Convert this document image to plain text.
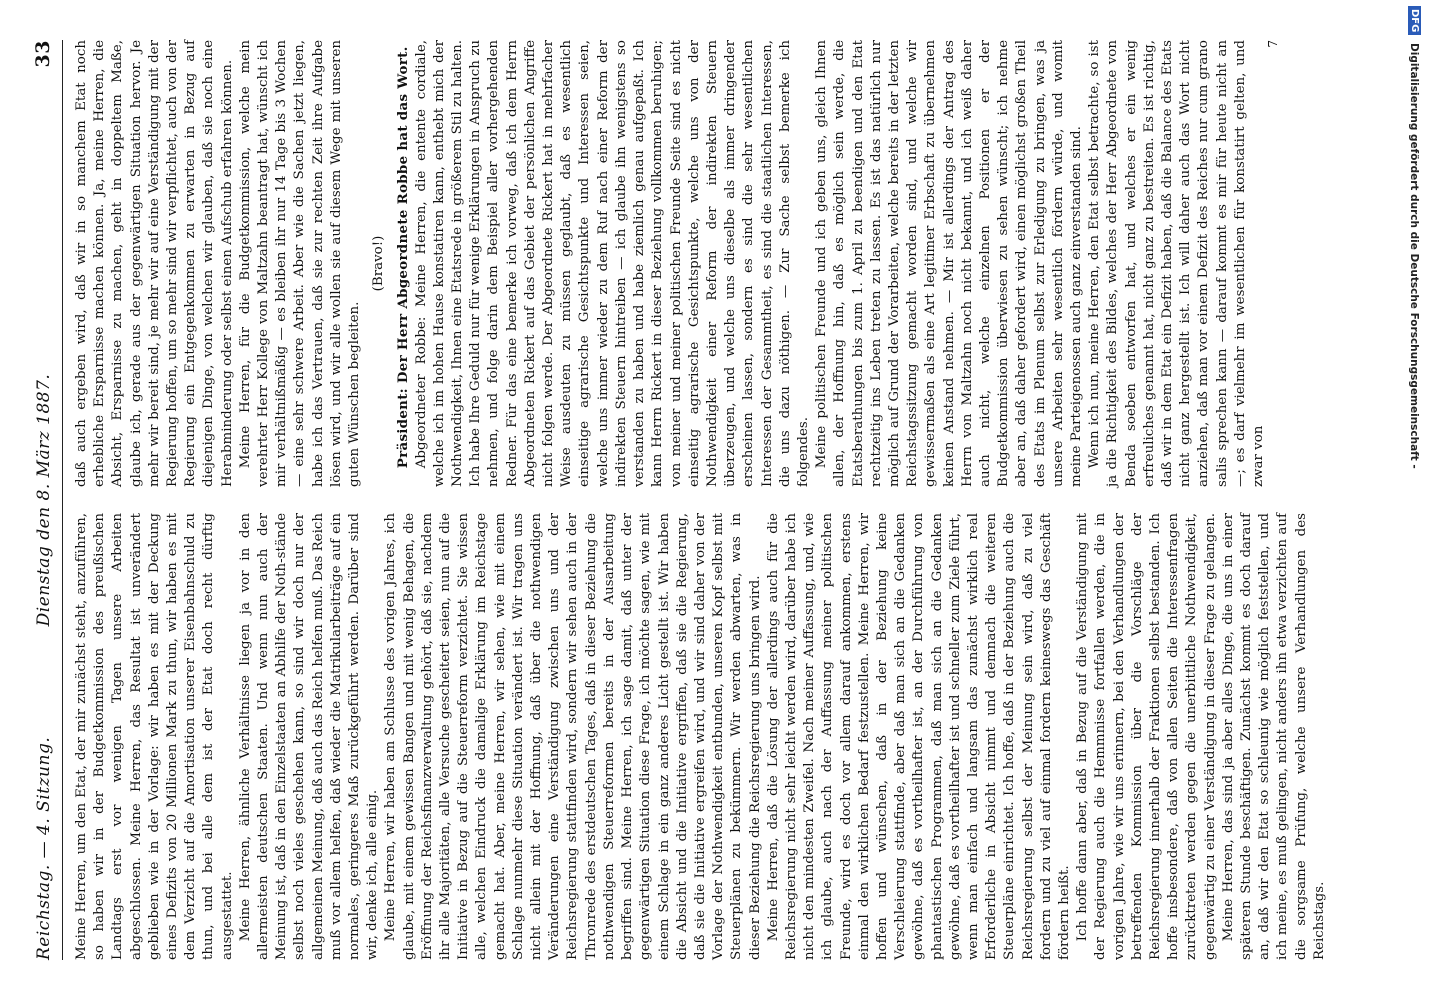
Reichstag. — 4. Sitzung.
Dienstag den 8. März 1887.
33

Meine Herren, um den Etat, der mir zunächst steht, anzuführen, so haben wir in der Budgetkommission des preußischen Landtags erst vor wenigen Tagen unsere Arbeiten abgeschlossen. Meine Herren, das Resultat ist unverändert geblieben wie in der Vorlage: wir haben es mit der Deckung eines Defizits von 20 Millionen Mark zu thun, wir haben es mit dem Verzicht auf die Amortisation unserer Eisenbahnschuld zu thun, und bei alle dem ist der Etat doch recht dürftig ausgestattet. Meine Herren, ähnliche Verhältnisse liegen ja vor in den allermeisten deutschen Staaten. Und wenn nun auch der Meinung ist, daß in den Einzelstaaten an Abhilfe der Noth-stände selbst noch vieles geschehen kann, so sind wir doch nur der allgemeinen Meinung, daß auch das Reich helfen muß. Das Reich muß vor allem helfen, daß wieder die Matrikularbeiträge auf ein normales, geringeres Maß zurückgeführt werden. Darüber sind wir, denke ich, alle einig. Meine Herren, wir haben am Schlusse des vorigen Jahres, ich glaube, mit einem gewissen Bangen und mit wenig Behagen, die Eröffnung der Reichsfinanzverwaltung gehört, daß sie, nachdem ihr alle Majoritäten, alle Versuche gescheitert seien, nun auf die Initiative in Bezug auf die Steuerreform verzichtet. Sie wissen alle, welchen Eindruck die damalige Erklärung im Reichstage gemacht hat. Aber, meine Herren, wir sehen, wie mit einem Schlage nunmehr diese Situation verändert ist. Wir tragen uns nicht allein mit der Hoffnung, daß über die nothwendigen Veränderungen eine Verständigung zwischen uns und der Reichsregierung stattfinden wird, sondern wir sehen auch in der Thronrede des erstdeutschen Tages, daß in dieser Beziehung die nothwendigen Steuerreformen bereits in der Ausarbeitung begriffen sind. Meine Herren, ich sage damit, daß unter der gegenwärtigen Situation diese Frage, ich möchte sagen, wie mit einem Schlage in ein ganz anderes Licht gestellt ist. Wir haben die Absicht und die Initiative ergriffen, daß sie die Regierung, daß sie die Initiative ergreifen wird, und wir sind daher von der Vorlage der Nothwendigkeit entbunden, unseren Kopf selbst mit Steuerplänen zu bekümmern. Wir werden abwarten, was in dieser Beziehung die Reichsregierung uns bringen wird. Meine Herren, daß die Lösung der allerdings auch für die Reichsregierung nicht sehr leicht werden wird, darüber habe ich nicht den mindesten Zweifel. Nach meiner Auffassung, und, wie ich glaube, auch nach der Auffassung meiner politischen Freunde, wird es doch vor allem darauf ankommen, erstens einmal den wirklichen Bedarf festzustellen. Meine Herren, wir hoffen und wünschen, daß in der Beziehung keine Verschleierung stattfinde, aber daß man sich an die Gedanken gewöhne, daß es vortheilhafter ist, an der Durchführung von phantastischen Programmen, daß man sich an die Gedanken gewöhne, daß es vortheilhafter ist und schneller zum Ziele führt, wenn man einfach und langsam das zunächst wirklich real Erforderliche in Absicht nimmt und demnach die weiteren Steuerpläne einrichtet. Ich hoffe, daß in der Beziehung auch die Reichsregierung selbst der Meinung sein wird, daß zu viel fordern und zu viel auf einmal fordern keineswegs das Geschäft fördern heißt. Ich hoffe dann aber, daß in Bezug auf die Verständigung mit der Regierung auch die Hemmnisse fortfallen werden, die in vorigen Jahre, wie wir uns erinnern, bei den Verhandlungen der betreffenden Kommission über die Vorschläge der Reichsregierung innerhalb der Fraktionen selbst bestanden. Ich hoffe insbesondere, daß von allen Seiten die Interessenfragen zurücktreten werden gegen die unerbittliche Nothwendigkeit, gegenwärtig zu einer Verständigung in dieser Frage zu gelangen. Meine Herren, das sind ja aber alles Dinge, die uns in einer späteren Stunde beschäftigen. Zunächst kommt es doch darauf an, daß wir den Etat so schleunig wie möglich feststellen, und ich meine, es muß gelingen, nicht anders ihn etwa verzichten auf die sorgsame Prüfung, welche unsere Verhandlungen des Reichstags.

daß auch ergeben wird, daß wir in so manchem Etat noch erhebliche Ersparnisse machen können. Ja, meine Herren, die Absicht, Ersparnisse zu machen, geht in doppeltem Maße, glaube ich, gerade aus der gegenwärtigen Situation hervor. Je mehr wir bereit sind, je mehr wir auf eine Verständigung mit der Regierung hoffen, um so mehr sind wir verpflichtet, auch von der Regierung ein Entgegenkommen zu erwarten in Bezug auf diejenigen Dinge, von welchen wir glauben, daß sie noch eine Herabminderung oder selbst einen Aufschub erfahren können. Meine Herren, für die Budgetkommission, welche mein verehrter Herr Kollege von Maltzahn beantragt hat, wünscht ich mir verhältnißmäßig — es bleiben ihr nur 14 Tage bis 3 Wochen — eine sehr schwere Arbeit. Aber wie die Sachen jetzt liegen, habe ich das Vertrauen, daß sie zur rechten Zeit ihre Aufgabe lösen wird, und wir alle wollen sie auf diesem Wege mit unseren guten Wünschen begleiten.

(Bravo!) Präsident: Der Herr Abgeordnete Robbe hat das Wort. Abgeordneter Robbe: Meine Herren, die entente cordiale, welche ich im hohen Hause konstatiren kann, enthebt mich der Nothwendigkeit, Ihnen eine Etatsrede in größerem Stil zu halten. Ich habe Ihre Geduld nur für wenige Erklärungen in Anspruch zu nehmen, und folge darin dem Beispiel aller vorhergehenden Redner. Für das eine bemerke ich vorweg, daß ich dem Herrn Abgeordneten Rickert auf das Gebiet der persönlichen Angriffe nicht folgen werde. Der Abgeordnete Rickert hat in mehrfacher Weise ausdeuten zu müssen geglaubt, daß es wesentlich einseitige agrarische Gesichtspunkte und Interessen seien, welche uns immer wieder zu dem Ruf nach einer Reform der indirekten Steuern hintreiben — ich glaube ihn wenigstens so verstanden zu haben und habe ziemlich genau aufgepaßt. Ich kann Herrn Rickert in dieser Beziehung vollkommen beruhigen; von meiner und meiner politischen Freunde Seite sind es nicht einseitig agrarische Gesichtspunkte, welche uns von der Nothwendigkeit einer Reform der indirekten Steuern überzeugen, und welche uns dieselbe als immer dringender erscheinen lassen, sondern es sind die sehr wesentlichen Interessen der Gesammtheit, es sind die staatlichen Interessen, die uns dazu nöthigen. — Zur Sache selbst bemerke ich folgendes. Meine politischen Freunde und ich geben uns, gleich Ihnen allen, der Hoffnung hin, daß es möglich sein werde, die Etatsberathungen bis zum 1. April zu beendigen und den Etat rechtzeitig ins Leben treten zu lassen. Es ist das natürlich nur möglich auf Grund der Vorarbeiten, welche bereits in der letzten Reichstagssitzung gemacht worden sind, und welche wir gewissermaßen als eine Art legitimer Erbschaft zu übernehmen keinen Anstand nehmen. — Mir ist allerdings der Antrag des Herrn von Maltzahn noch nicht bekannt, und ich weiß daher auch nicht, welche einzelnen Positionen er der Budgetkommission überwiesen zu sehen wünscht; ich nehme aber an, daß daher gefordert wird, einen möglichst großen Theil des Etats im Plenum selbst zur Erledigung zu bringen, was ja unsere Arbeiten sehr wesentlich fördern würde, und womit meine Parteigenossen auch ganz einverstanden sind. Wenn ich nun, meine Herren, den Etat selbst betrachte, so ist ja die Richtigkeit des Bildes, welches der Herr Abgeordnete von Benda soeben entworfen hat, und welches er ein wenig erfreuliches genannt hat, nicht ganz zu bestreiten. Es ist richtig, daß wir in dem Etat ein Defizit haben, daß die Balance des Etats nicht ganz hergestellt ist. Ich will daher auch das Wort nicht anziehen, daß man vor einem Defizit des Reiches nur cum grano salis sprechen kann — darauf kommt es mir für heute nicht an —; es darf vielmehr im wesentlichen für konstatirt gelten, und zwar von

7

DFG Digitalisierung gefördert durch die Deutsche Forschungsgemeinschaft -
